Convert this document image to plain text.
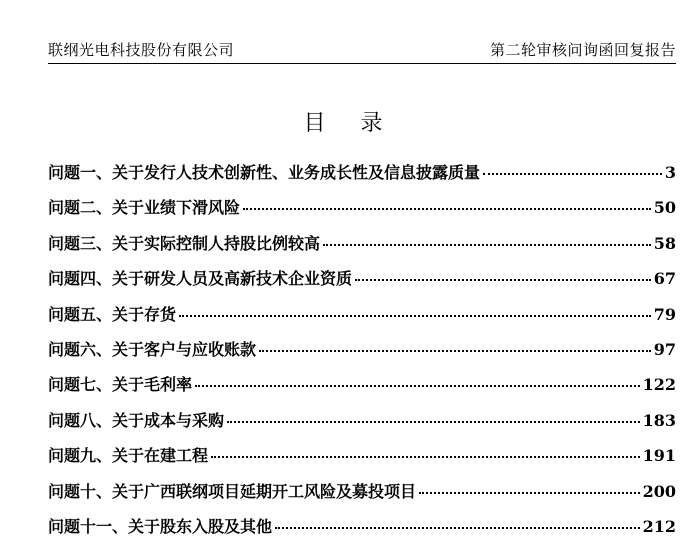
联纲光电科技股份有限公司	第二轮审核问询函回复报告
目 录
问题一、关于发行人技术创新性、业务成长性及信息披露质量	3
问题二、关于业绩下滑风险	50
问题三、关于实际控制人持股比例较高	58
问题四、关于研发人员及高新技术企业资质	67
问题五、关于存货	79
问题六、关于客户与应收账款	97
问题七、关于毛利率	122
问题八、关于成本与采购	183
问题九、关于在建工程	191
问题十、关于广西联纲项目延期开工风险及募投项目	200
问题十一、关于股东入股及其他	212
